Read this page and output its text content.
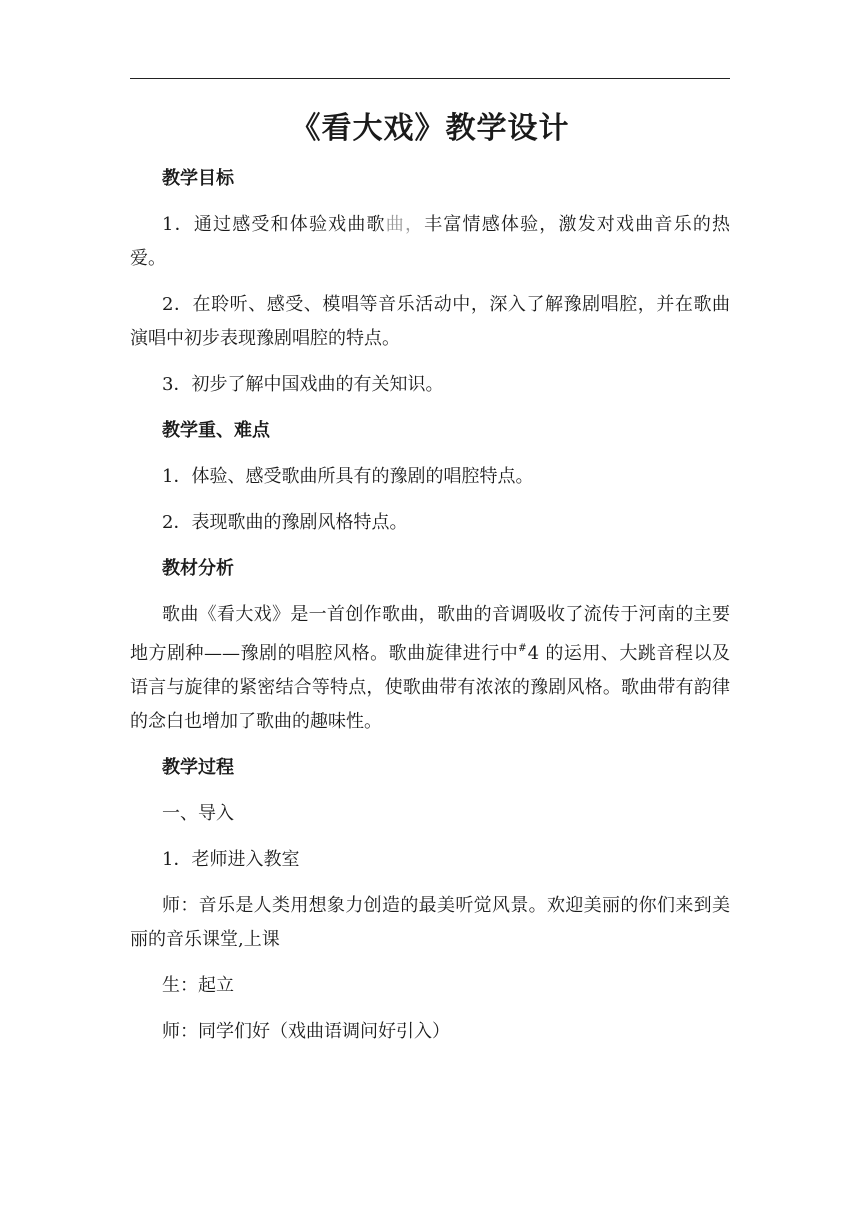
《看大戏》教学设计
教学目标

1．通过感受和体验戏曲歌曲，丰富情感体验，激发对戏曲音乐的热爱。

2．在聆听、感受、模唱等音乐活动中，深入了解豫剧唱腔，并在歌曲演唱中初步表现豫剧唱腔的特点。

3．初步了解中国戏曲的有关知识。

教学重、难点

1．体验、感受歌曲所具有的豫剧的唱腔特点。

2．表现歌曲的豫剧风格特点。

教材分析

歌曲《看大戏》是一首创作歌曲，歌曲的音调吸收了流传于河南的主要地方剧种——豫剧的唱腔风格。歌曲旋律进行中#4 的运用、大跳音程以及语言与旋律的紧密结合等特点，使歌曲带有浓浓的豫剧风格。歌曲带有韵律的念白也增加了歌曲的趣味性。

教学过程

一、导入

1．老师进入教室

师：音乐是人类用想象力创造的最美听觉风景。欢迎美丽的你们来到美丽的音乐课堂,上课

生：起立

师：同学们好（戏曲语调问好引入）
